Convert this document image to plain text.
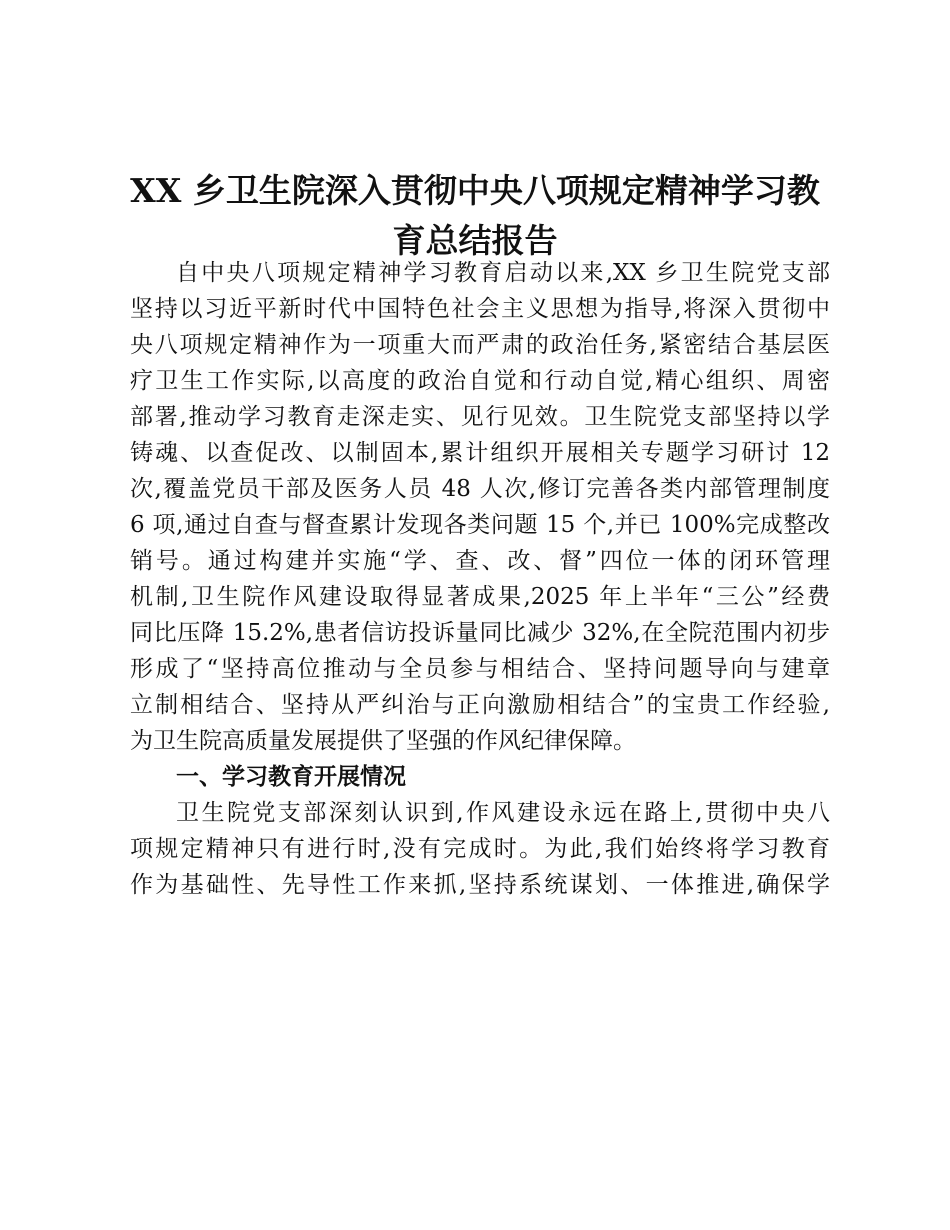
XX 乡卫生院深入贯彻中央八项规定精神学习教
育总结报告
自中央八项规定精神学习教育启动以来,XX 乡卫生院党支部
坚持以习近平新时代中国特色社会主义思想为指导,将深入贯彻中
央八项规定精神作为一项重大而严肃的政治任务,紧密结合基层医
疗卫生工作实际,以高度的政治自觉和行动自觉,精心组织、周密
部署,推动学习教育走深走实、见行见效。卫生院党支部坚持以学
铸魂、以查促改、以制固本,累计组织开展相关专题学习研讨 12
次,覆盖党员干部及医务人员 48 人次,修订完善各类内部管理制度
6 项,通过自查与督查累计发现各类问题 15 个,并已 100%完成整改
销号。通过构建并实施“学、查、改、督”四位一体的闭环管理
机制,卫生院作风建设取得显著成果,2025 年上半年“三公”经费
同比压降 15.2%,患者信访投诉量同比减少 32%,在全院范围内初步
形成了“坚持高位推动与全员参与相结合、坚持问题导向与建章
立制相结合、坚持从严纠治与正向激励相结合”的宝贵工作经验,
为卫生院高质量发展提供了坚强的作风纪律保障。
一、学习教育开展情况
卫生院党支部深刻认识到,作风建设永远在路上,贯彻中央八
项规定精神只有进行时,没有完成时。为此,我们始终将学习教育
作为基础性、先导性工作来抓,坚持系统谋划、一体推进,确保学
